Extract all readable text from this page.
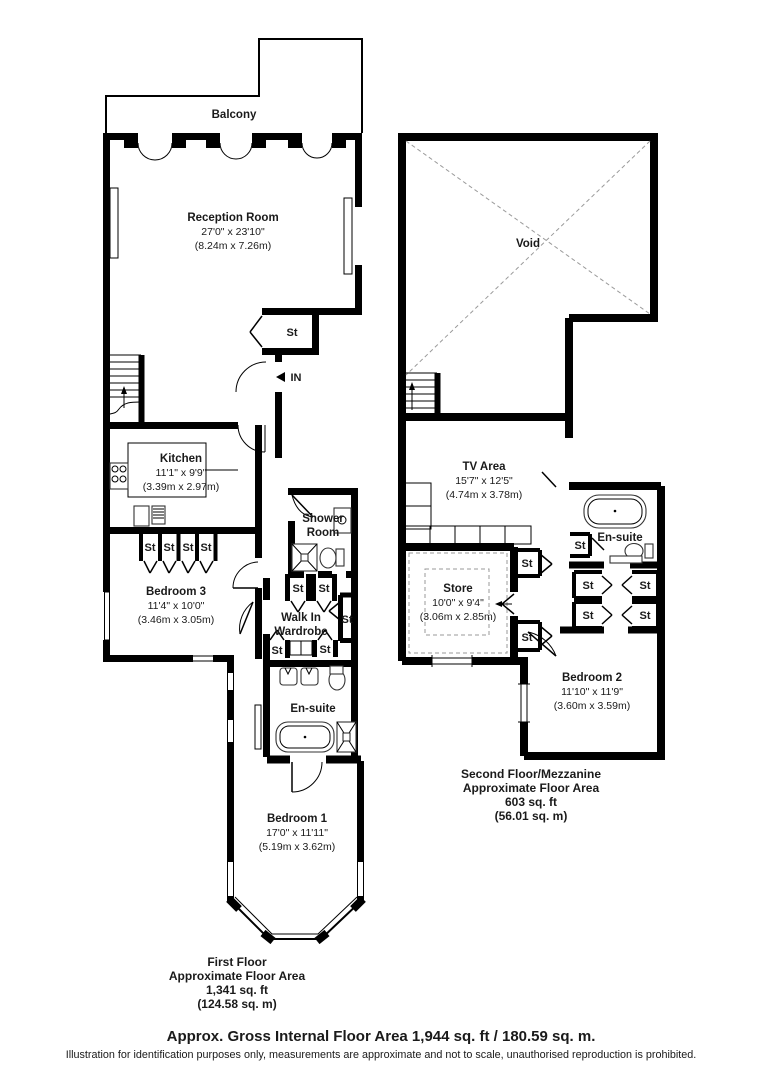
Balcony
St
IN
Reception Room
27'0" x 23'10"
(8.24m x 7.26m)
Kitchen
11'1" x 9'9"
(3.39m x 2.97m)
St St St St
Bedroom 3
11'4" x 10'0"
(3.46m x 3.05m)
Shower
Room
St St
St
St
St
Walk In
Wardrobe
En-suite
Bedroom 1
17'0" x 11'11"
(5.19m x 3.62m)
First Floor
Approximate Floor Area
1,341 sq. ft
(124.58 sq. m)
Void
TV Area
15'7" x 12'5"
(4.74m x 3.78m)
Store
10'0" x 9'4"
(3.06m x 2.85m)
St
St
St
En-suite
St
St
St
St
Bedroom 2
11'10" x 11'9"
(3.60m x 3.59m)
Second Floor/Mezzanine
Approximate Floor Area
603 sq. ft
(56.01 sq. m)
Approx. Gross Internal Floor Area 1,944 sq. ft / 180.59 sq. m.
Illustration for identification purposes only, measurements are approximate and not to scale, unauthorised reproduction is prohibited.
